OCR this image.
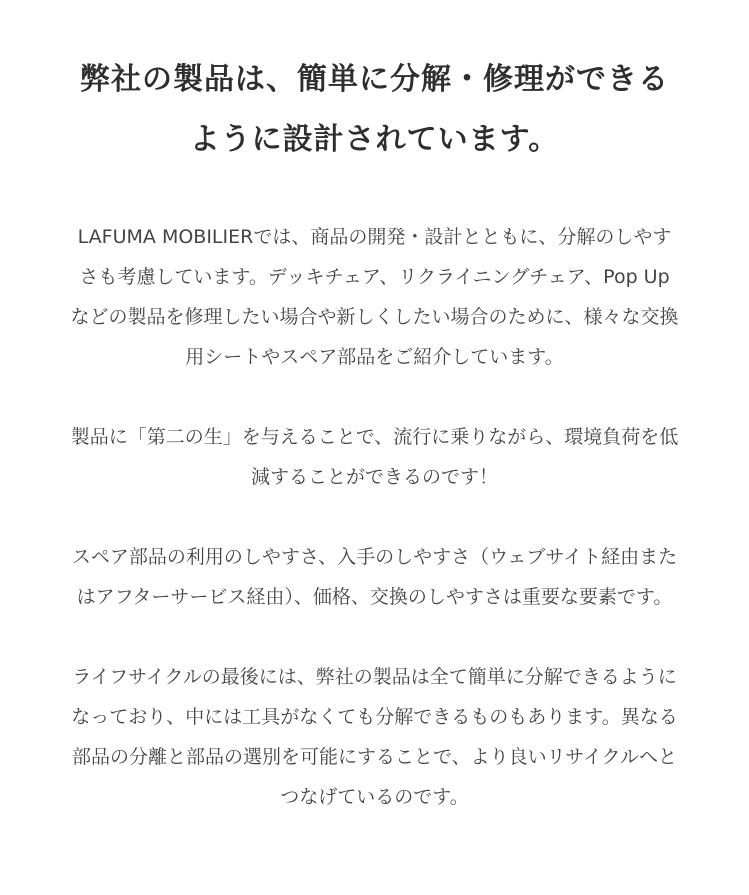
弊社の製品は、簡単に分解・修理ができる
ように設計されています。

LAFUMA MOBILIERでは、商品の開発・設計とともに、分解のしやす
さも考慮しています。デッキチェア、リクライニングチェア、Pop Up
などの製品を修理したい場合や新しくしたい場合のために、様々な交換
用シートやスペア部品をご紹介しています。

製品に「第二の生」を与えることで、流行に乗りながら、環境負荷を低
減することができるのです！

スペア部品の利用のしやすさ、入手のしやすさ（ウェブサイト経由また
はアフターサービス経由）、価格、交換のしやすさは重要な要素です。

ライフサイクルの最後には、弊社の製品は全て簡単に分解できるように
なっており、中には工具がなくても分解できるものもあります。異なる
部品の分離と部品の選別を可能にすることで、より良いリサイクルへと
つなげているのです。
